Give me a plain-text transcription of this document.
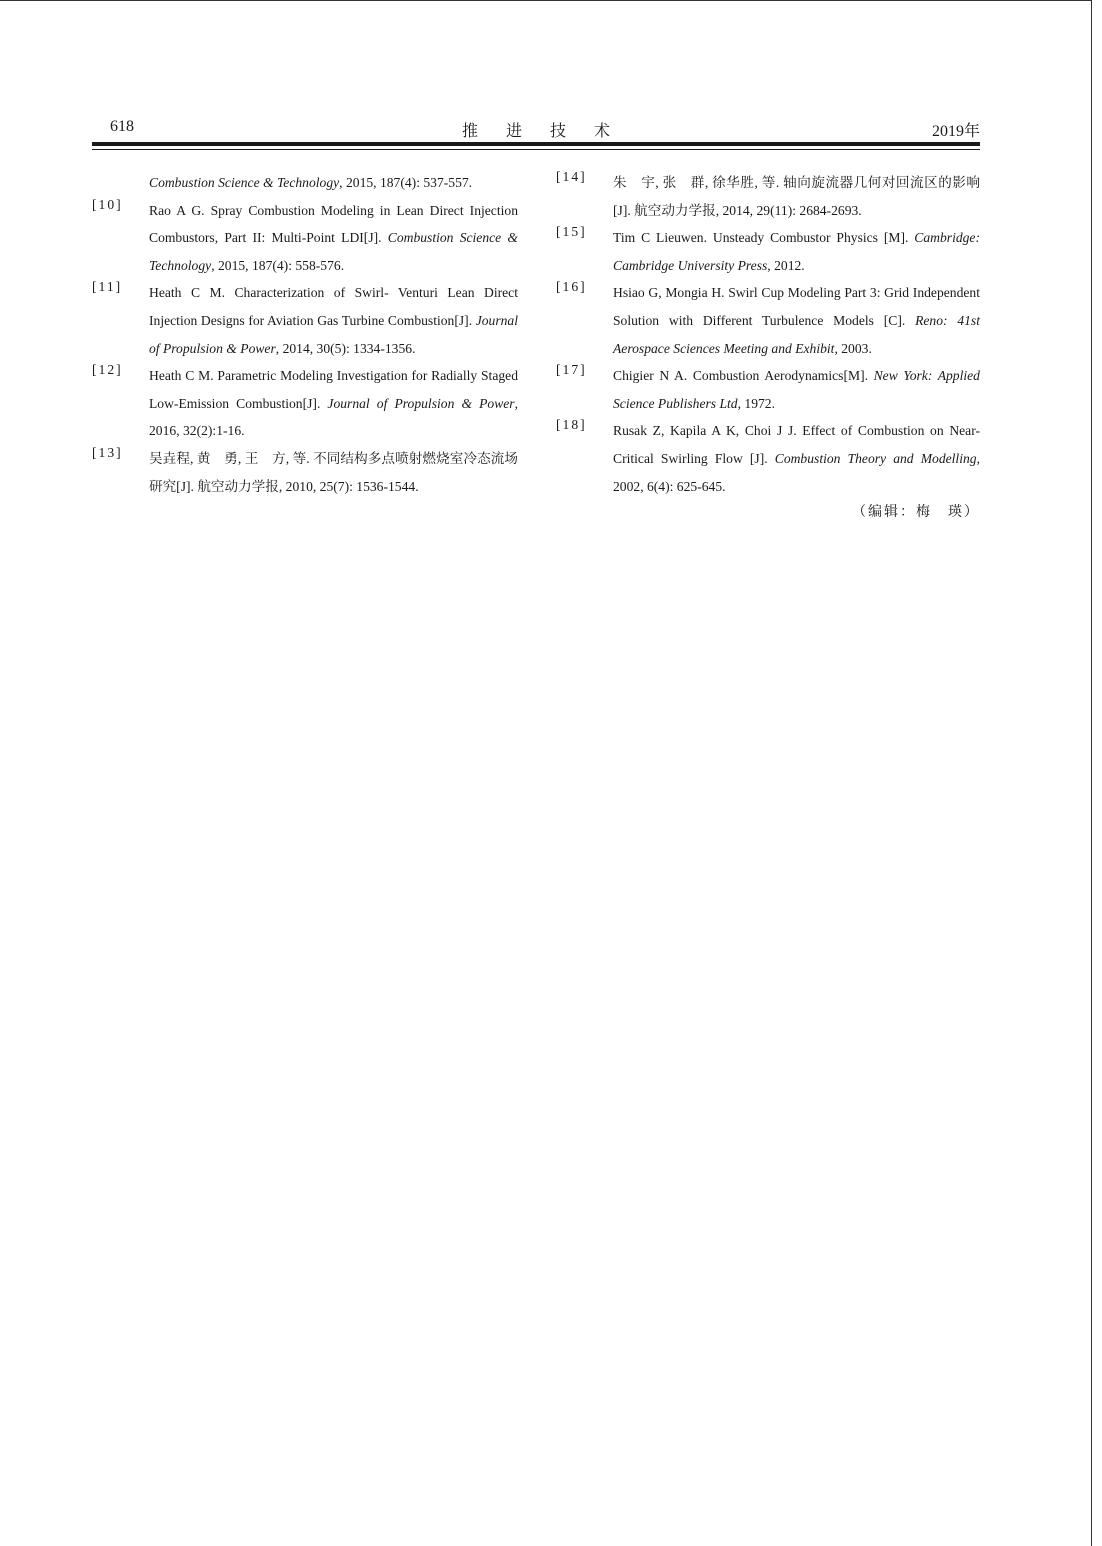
618	推 进 技 术	2019年
Combustion Science & Technology, 2015, 187(4): 537-557.
[10] Rao A G. Spray Combustion Modeling in Lean Direct Injection Combustors, Part II: Multi-Point LDI[J]. Combustion Science & Technology, 2015, 187(4): 558-576.
[11] Heath C M. Characterization of Swirl- Venturi Lean Direct Injection Designs for Aviation Gas Turbine Combustion[J]. Journal of Propulsion & Power, 2014, 30(5): 1334-1356.
[12] Heath C M. Parametric Modeling Investigation for Radially Staged Low-Emission Combustion[J]. Journal of Propulsion & Power, 2016, 32(2):1-16.
[13] 吴垚程, 黄　勇, 王　方, 等. 不同结构多点喷射燃烧室冷态流场研究[J]. 航空动力学报, 2010, 25(7): 1536-1544.
[14] 朱　宇, 张　群, 徐华胜, 等. 轴向旋流器几何对回流区的影响[J]. 航空动力学报, 2014, 29(11): 2684-2693.
[15] Tim C Lieuwen. Unsteady Combustor Physics [M]. Cambridge: Cambridge University Press, 2012.
[16] Hsiao G, Mongia H. Swirl Cup Modeling Part 3: Grid Independent Solution with Different Turbulence Models [C]. Reno: 41st Aerospace Sciences Meeting and Exhibit, 2003.
[17] Chigier N A. Combustion Aerodynamics[M]. New York: Applied Science Publishers Ltd, 1972.
[18] Rusak Z, Kapila A K, Choi J J. Effect of Combustion on Near-Critical Swirling Flow [J]. Combustion Theory and Modelling, 2002, 6(4): 625-645.
（编辑：梅　瑛）
